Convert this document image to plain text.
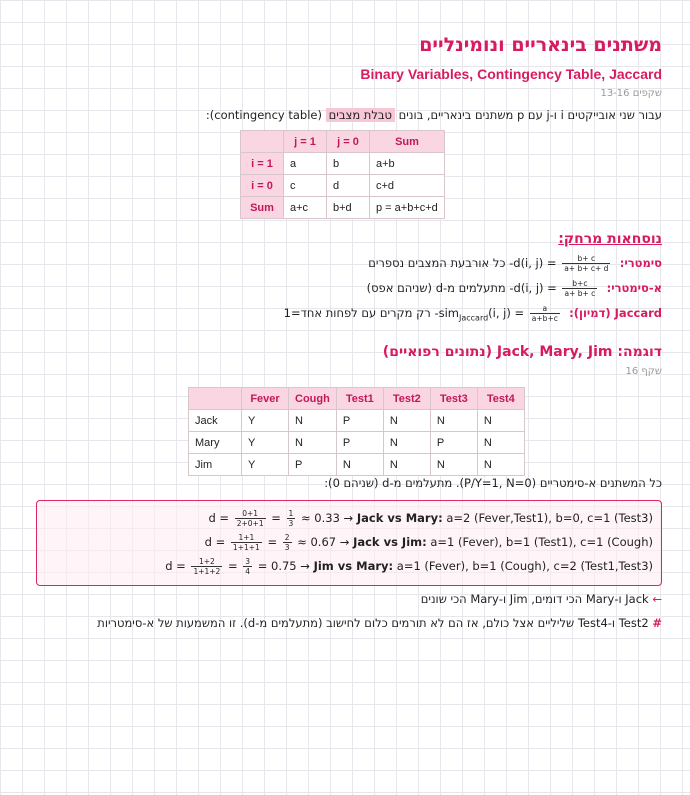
משתנים בינאריים ונומינליים
Binary Variables, Contingency Table, Jaccard
שקפים 13-16
עבור שני אובייקטים i ו-j עם p משתנים בינאריים, בונים טבלת מצבים (contingency table):
	j = 1	j = 0	Sum
i = 1	a	b	a+b
i = 0	c	d	c+d
Sum	a+c	b+d	p = a+b+c+d
נוסחאות מרחק:
סימטרי: d(i, $j) = \frac{b+ c}{a+ b+ c+ d}$
- כל אורבעת המצבים נספרים
א-סימטרי: d(i, $j) = \frac{b+c}{a+ b+ c}$
- מתעלמים מ-d (שניהם אפס)
Jaccard (דמיון): sim$_{Jaccard}$(i, $j) = \frac{a}{a+b+c}$
- רק מקרים עם לפחות אחד=1
דוגמה: Jack, Mary, Jim (נתונים רפואיים)
שקף 16
	Fever	Cough	Test1	Test2	Test3	Test4
Jack	Y	N	P	N	N	N
Mary	Y	N	P	N	P	N
Jim	Y	P	N	N	N	N
כל המשתנים א-סימטריים (P/Y=1, N=0). מתעלמים מ-d (שניהם 0):
$d = \frac{0+1}{2+0+1} = \frac{1}{3} \approx 0.33$ → Jack vs Mary: a=2 (Fever,Test1), b=0, c=1 (Test3)
$d = \frac{1+1}{1+1+1} = \frac{2}{3} \approx 0.67$ → Jack vs Jim: a=1 (Fever), b=1 (Test1), c=1 (Cough)
$d = \frac{1+2}{1+1+2} = \frac{3}{4} = 0.75$ → Jim vs Mary: a=1 (Fever), b=1 (Cough), c=2 (Test1,Test3)
← Jack ו-Mary הכי דומים, Jim ו-Mary הכי שונים
# Test2 ו-Test4 שליליים אצל כולם, אז הם לא תורמים כלום לחישוב (מתעלמים מ-d). זו המשמעות של א-סימטריות
